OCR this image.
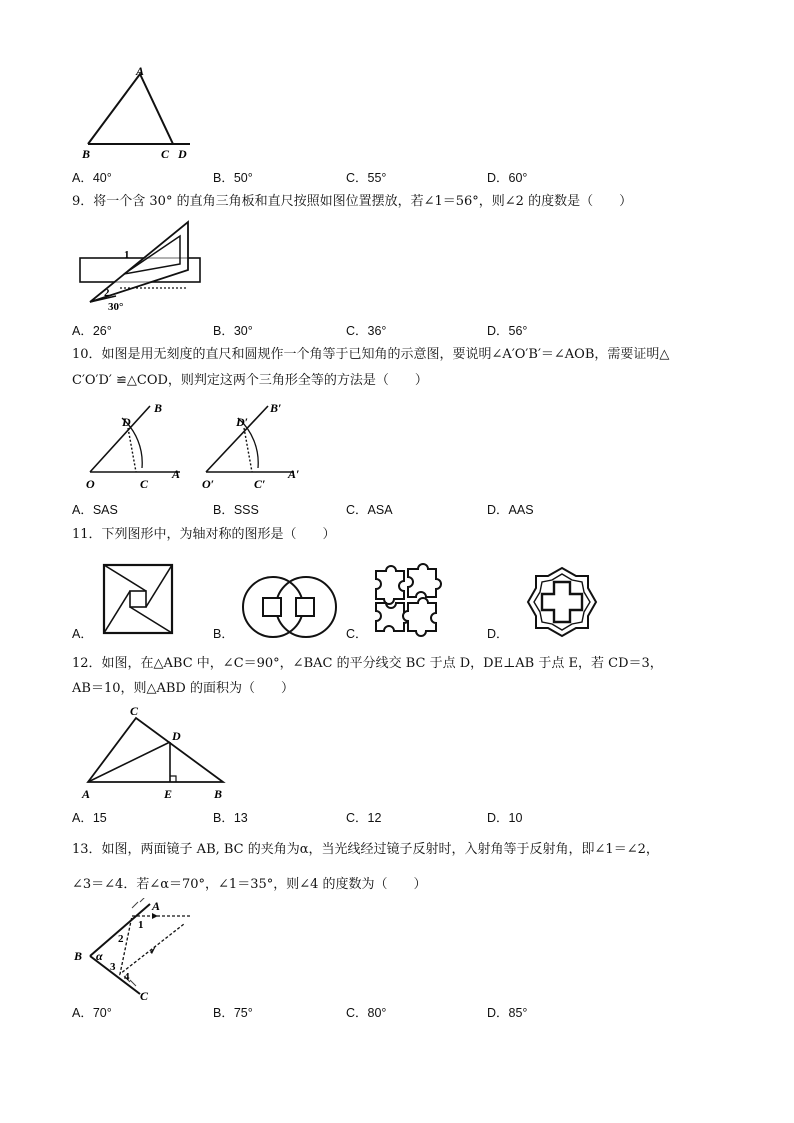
A
B	C D
A．40°	B．50°	C．55°	D．60°
9．将一个含 30° 的直角三角板和直尺按照如图位置摆放，若∠1＝56°，则∠2 的度数是（　　）
1
2
30°
A．26°	B．30°	C．36°	D．56°
10．如图是用无刻度的直尺和圆规作一个角等于已知角的示意图，要说明∠A′O′B′＝∠AOB，需要证明△
C′O′D′ ≌△COD，则判定这两个三角形全等的方法是（　　）
O	C
A
D
B
O′	C′
A′
D′
B′
A．SAS	B．SSS	C．ASA	D．AAS
11．下列图形中，为轴对称的图形是（　　）
A．	B．	C．	D．
12．如图，在△ABC 中，∠C＝90°，∠BAC 的平分线交 BC 于点 D，DE⊥AB 于点 E，若 CD＝3，
AB＝10，则△ABD 的面积为（　　）
C
D
A	E	B
A．15	B．13	C．12	D．10
13．如图，两面镜子 AB, BC 的夹角为α，当光线经过镜子反射时，入射角等于反射角，即∠1＝∠2，
∠3＝∠4．若∠α＝70°，∠1＝35°，则∠4 的度数为（　　）
A
B
C
α
2
3
4
1
A．70°	B．75°	C．80°	D．85°
